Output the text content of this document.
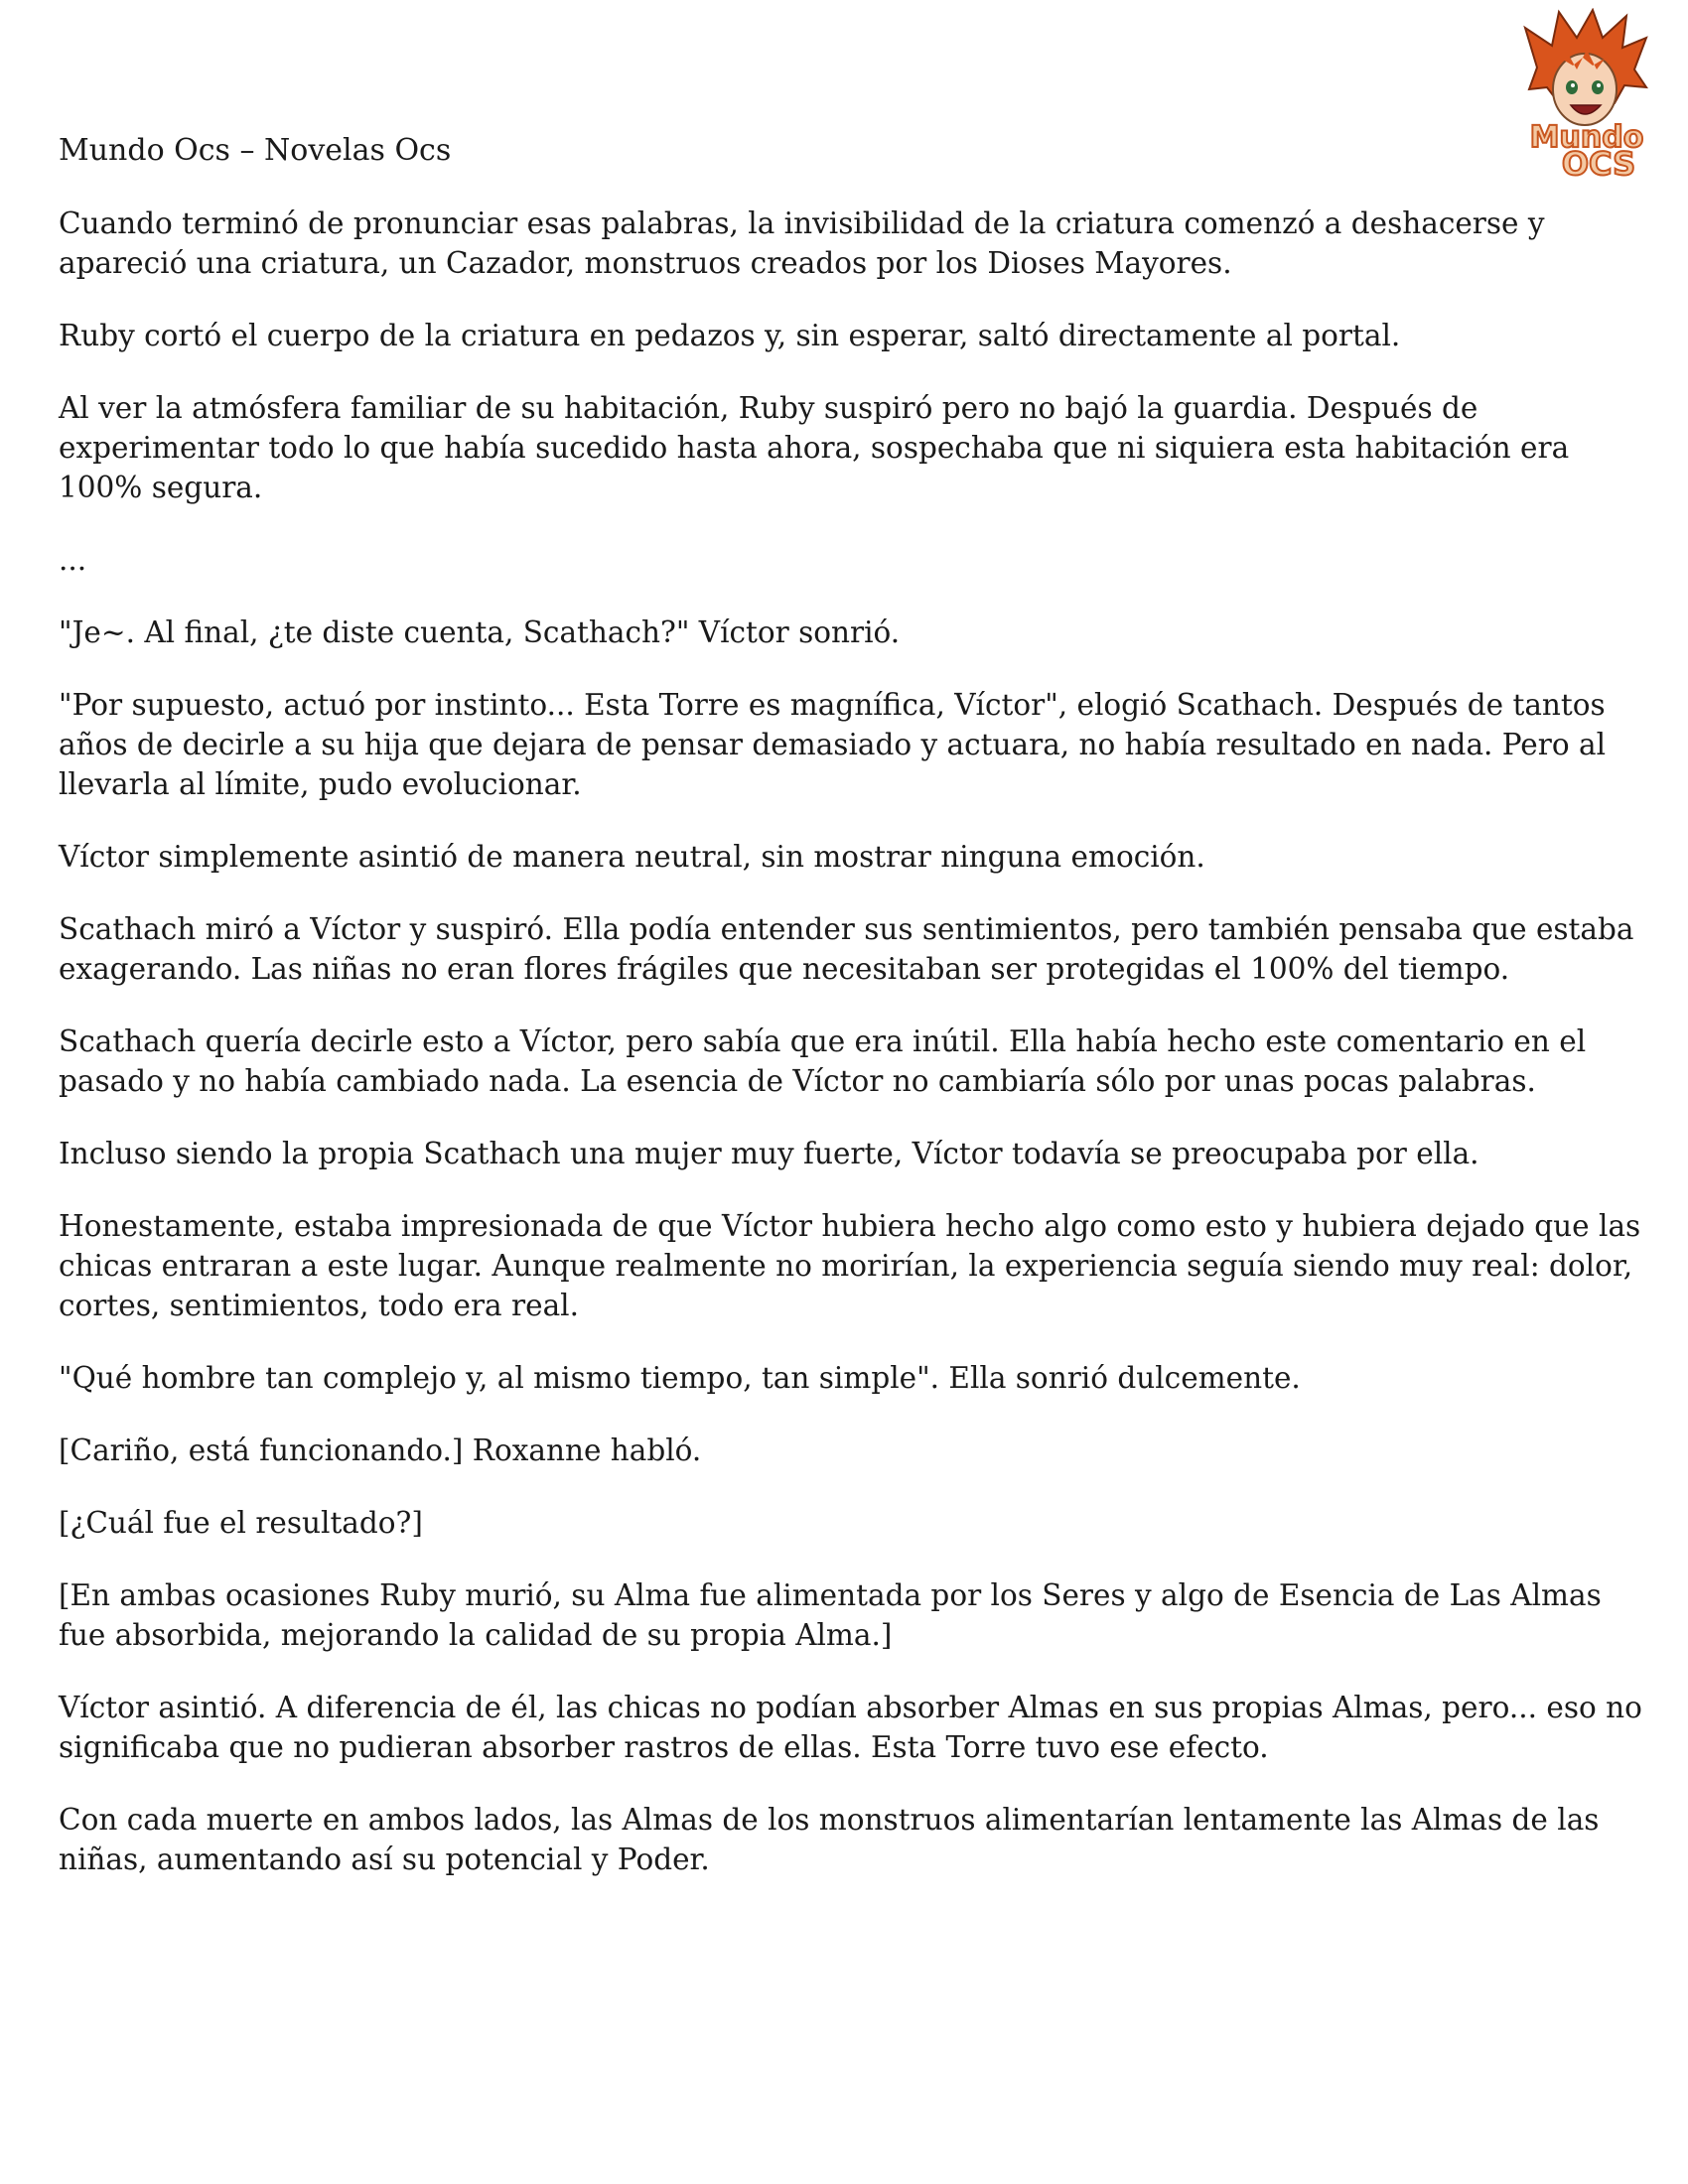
Mundo
OCS

Mundo Ocs – Novelas Ocs

Cuando terminó de pronunciar esas palabras, la invisibilidad de la criatura comenzó a deshacerse y apareció una criatura, un Cazador, monstruos creados por los Dioses Mayores.

Ruby cortó el cuerpo de la criatura en pedazos y, sin esperar, saltó directamente al portal.

Al ver la atmósfera familiar de su habitación, Ruby suspiró pero no bajó la guardia. Después de experimentar todo lo que había sucedido hasta ahora, sospechaba que ni siquiera esta habitación era 100% segura.

...

"Je~. Al final, ¿te diste cuenta, Scathach?" Víctor sonrió.

"Por supuesto, actuó por instinto... Esta Torre es magnífica, Víctor", elogió Scathach. Después de tantos años de decirle a su hija que dejara de pensar demasiado y actuara, no había resultado en nada. Pero al llevarla al límite, pudo evolucionar.

Víctor simplemente asintió de manera neutral, sin mostrar ninguna emoción.

Scathach miró a Víctor y suspiró. Ella podía entender sus sentimientos, pero también pensaba que estaba exagerando. Las niñas no eran flores frágiles que necesitaban ser protegidas el 100% del tiempo.

Scathach quería decirle esto a Víctor, pero sabía que era inútil. Ella había hecho este comentario en el pasado y no había cambiado nada. La esencia de Víctor no cambiaría sólo por unas pocas palabras.

Incluso siendo la propia Scathach una mujer muy fuerte, Víctor todavía se preocupaba por ella.

Honestamente, estaba impresionada de que Víctor hubiera hecho algo como esto y hubiera dejado que las chicas entraran a este lugar. Aunque realmente no morirían, la experiencia seguía siendo muy real: dolor, cortes, sentimientos, todo era real.

"Qué hombre tan complejo y, al mismo tiempo, tan simple". Ella sonrió dulcemente.

[Cariño, está funcionando.] Roxanne habló.

[¿Cuál fue el resultado?]

[En ambas ocasiones Ruby murió, su Alma fue alimentada por los Seres y algo de Esencia de Las Almas fue absorbida, mejorando la calidad de su propia Alma.]

Víctor asintió. A diferencia de él, las chicas no podían absorber Almas en sus propias Almas, pero... eso no significaba que no pudieran absorber rastros de ellas. Esta Torre tuvo ese efecto.

Con cada muerte en ambos lados, las Almas de los monstruos alimentarían lentamente las Almas de las niñas, aumentando así su potencial y Poder.
